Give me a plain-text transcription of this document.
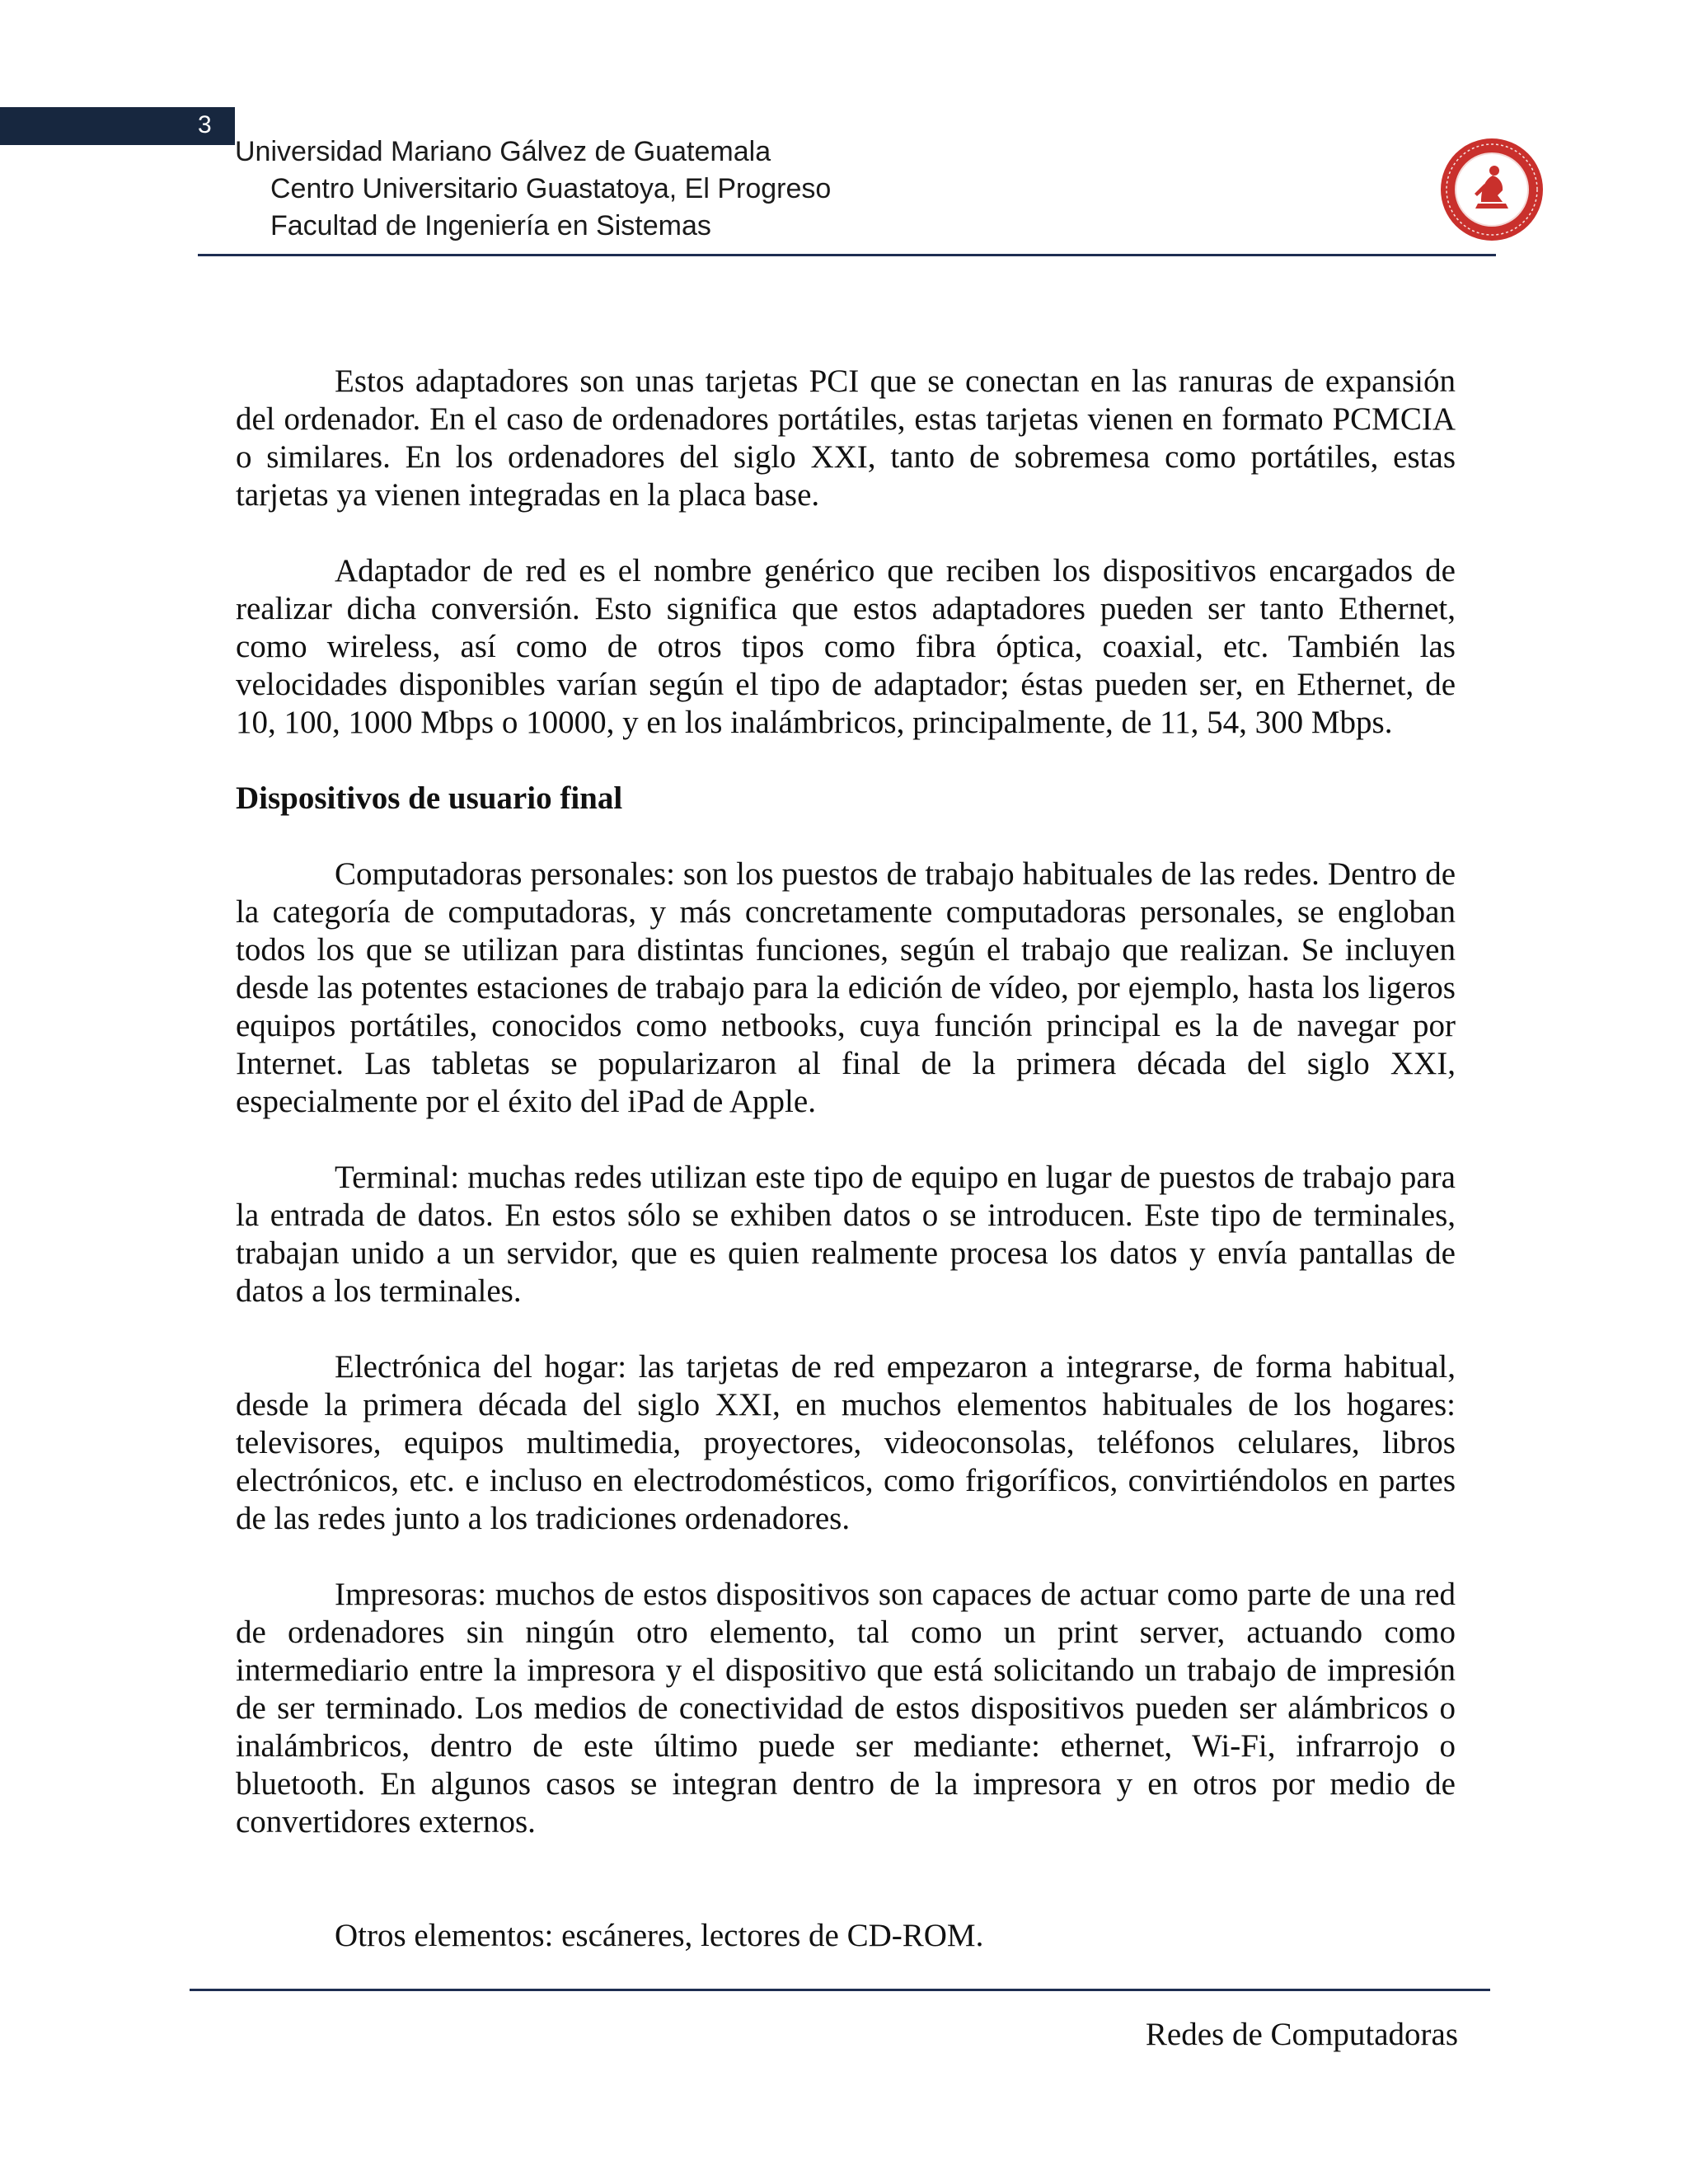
3
Universidad Mariano Gálvez de Guatemala
Centro Universitario Guastatoya, El Progreso
Facultad de Ingeniería en Sistemas

Estos adaptadores son unas tarjetas PCI que se conectan en las ranuras de expansión del ordenador. En el caso de ordenadores portátiles, estas tarjetas vienen en formato PCMCIA o similares. En los ordenadores del siglo XXI, tanto de sobremesa como portátiles, estas tarjetas ya vienen integradas en la placa base.

Adaptador de red es el nombre genérico que reciben los dispositivos encargados de realizar dicha conversión. Esto significa que estos adaptadores pueden ser tanto Ethernet, como wireless, así como de otros tipos como fibra óptica, coaxial, etc. También las velocidades disponibles varían según el tipo de adaptador; éstas pueden ser, en Ethernet, de 10, 100, 1000 Mbps o 10000, y en los inalámbricos, principalmente, de 11, 54, 300 Mbps.

Dispositivos de usuario final

Computadoras personales: son los puestos de trabajo habituales de las redes. Dentro de la categoría de computadoras, y más concretamente computadoras personales, se engloban todos los que se utilizan para distintas funciones, según el trabajo que realizan. Se incluyen desde las potentes estaciones de trabajo para la edición de vídeo, por ejemplo, hasta los ligeros equipos portátiles, conocidos como netbooks, cuya función principal es la de navegar por Internet. Las tabletas se popularizaron al final de la primera década del siglo XXI, especialmente por el éxito del iPad de Apple.

Terminal: muchas redes utilizan este tipo de equipo en lugar de puestos de trabajo para la entrada de datos. En estos sólo se exhiben datos o se introducen. Este tipo de terminales, trabajan unido a un servidor, que es quien realmente procesa los datos y envía pantallas de datos a los terminales.

Electrónica del hogar: las tarjetas de red empezaron a integrarse, de forma habitual, desde la primera década del siglo XXI, en muchos elementos habituales de los hogares: televisores, equipos multimedia, proyectores, videoconsolas, teléfonos celulares, libros electrónicos, etc. e incluso en electrodomésticos, como frigoríficos, convirtiéndolos en partes de las redes junto a los tradiciones ordenadores.

Impresoras: muchos de estos dispositivos son capaces de actuar como parte de una red de ordenadores sin ningún otro elemento, tal como un print server, actuando como intermediario entre la impresora y el dispositivo que está solicitando un trabajo de impresión de ser terminado. Los medios de conectividad de estos dispositivos pueden ser alámbricos o inalámbricos, dentro de este último puede ser mediante: ethernet, Wi-Fi, infrarrojo o bluetooth. En algunos casos se integran dentro de la impresora y en otros por medio de convertidores externos.

Otros elementos: escáneres, lectores de CD-ROM.

Redes de Computadoras
